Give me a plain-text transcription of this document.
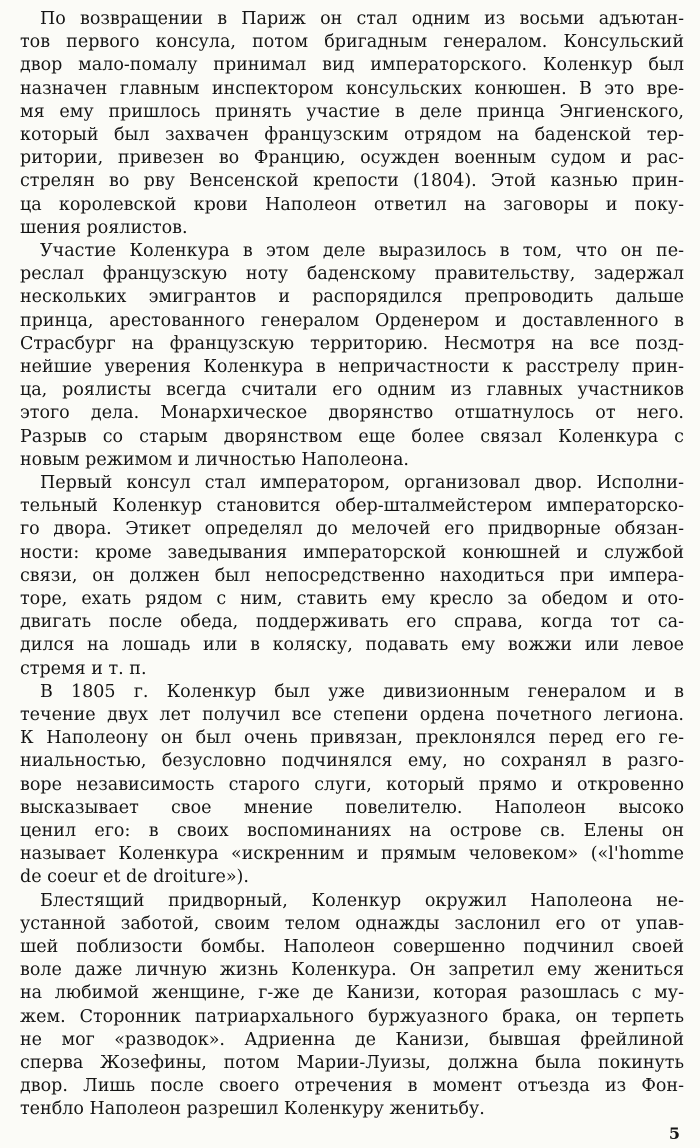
По возвращении в Париж он стал одним из восьми адъютан-
тов первого консула, потом бригадным генералом. Консульский
двор мало-помалу принимал вид императорского. Коленкур был
назначен главным инспектором консульских конюшен. В это вре-
мя ему пришлось принять участие в деле принца Энгиенского,
который был захвачен французским отрядом на баденской тер-
ритории, привезен во Францию, осужден военным судом и рас-
стрелян во рву Венсенской крепости (1804). Этой казнью прин-
ца королевской крови Наполеон ответил на заговоры и поку-
шения роялистов.
Участие Коленкура в этом деле выразилось в том, что он пе-
реслал французскую ноту баденскому правительству, задержал
нескольких эмигрантов и распорядился препроводить дальше
принца, арестованного генералом Орденером и доставленного в
Страсбург на французскую территорию. Несмотря на все позд-
нейшие уверения Коленкура в непричастности к расстрелу прин-
ца, роялисты всегда считали его одним из главных участников
этого дела. Монархическое дворянство отшатнулось от него.
Разрыв со старым дворянством еще более связал Коленкура с
новым режимом и личностью Наполеона.
Первый консул стал императором, организовал двор. Исполни-
тельный Коленкур становится обер-шталмейстером императорско-
го двора. Этикет определял до мелочей его придворные обязан-
ности: кроме заведывания императорской конюшней и службой
связи, он должен был непосредственно находиться при импера-
торе, ехать рядом с ним, ставить ему кресло за обедом и ото-
двигать после обеда, поддерживать его справа, когда тот са-
дился на лошадь или в коляску, подавать ему вожжи или левое
стремя и т. п.
В 1805 г. Коленкур был уже дивизионным генералом и в
течение двух лет получил все степени ордена почетного легиона.
К Наполеону он был очень привязан, преклонялся перед его ге-
ниальностью, безусловно подчинялся ему, но сохранял в разго-
воре независимость старого слуги, который прямо и откровенно
высказывает свое мнение повелителю. Наполеон высоко
ценил его: в своих воспоминаниях на острове св. Елены он
называет Коленкура «искренним и прямым человеком» («l'homme
de coeur et de droiture»).
Блестящий придворный, Коленкур окружил Наполеона не-
устанной заботой, своим телом однажды заслонил его от упав-
шей поблизости бомбы. Наполеон совершенно подчинил своей
воле даже личную жизнь Коленкура. Он запретил ему жениться
на любимой женщине, г-же де Канизи, которая разошлась с му-
жем. Сторонник патриархального буржуазного брака, он терпеть
не мог «разводок». Адриенна де Канизи, бывшая фрейлиной
сперва Жозефины, потом Марии-Луизы, должна была покинуть
двор. Лишь после своего отречения в момент отъезда из Фон-
5
тенбло Наполеон разрешил Коленкуру женитьбу.
